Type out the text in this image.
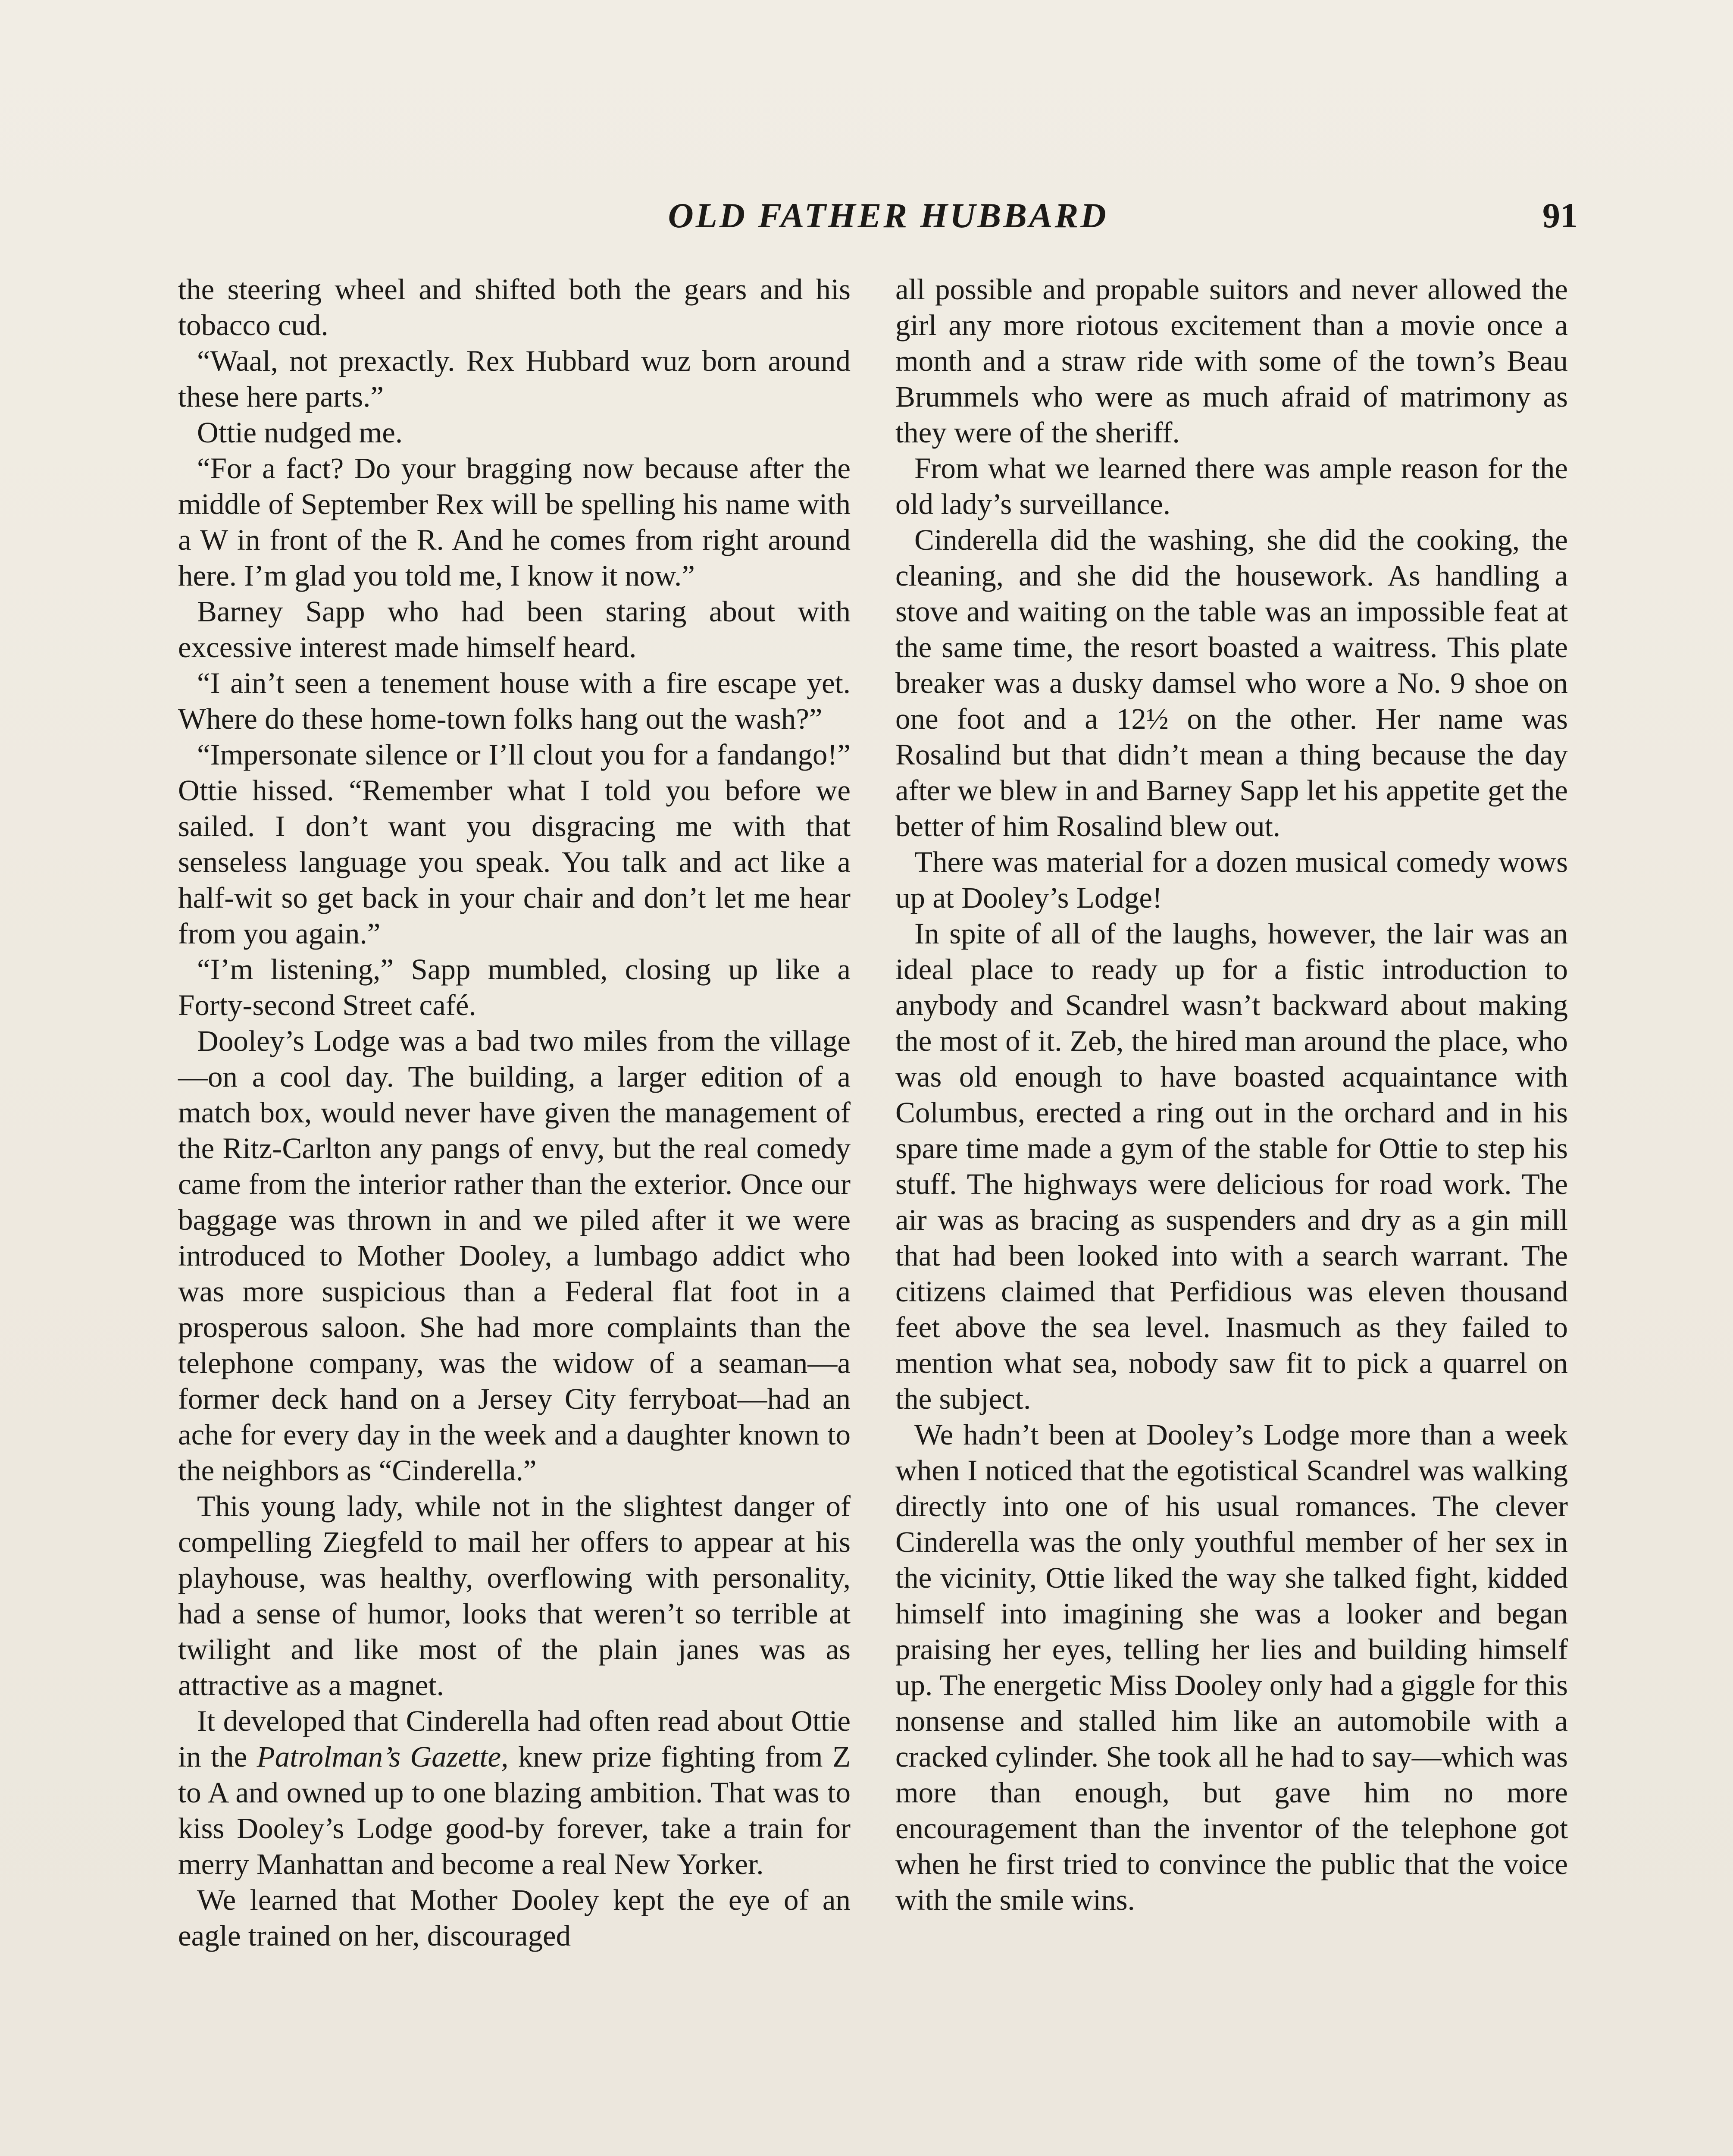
OLD FATHER HUBBARD	91

the steering wheel and shifted both the gears and his tobacco cud.

“Waal, not prexactly. Rex Hubbard wuz born around these here parts.”

Ottie nudged me.

“For a fact? Do your bragging now because after the middle of September Rex will be spelling his name with a W in front of the R. And he comes from right around here. I’m glad you told me, I know it now.”

Barney Sapp who had been staring about with excessive interest made himself heard.

“I ain’t seen a tenement house with a fire escape yet. Where do these home-town folks hang out the wash?”

“Impersonate silence or I’ll clout you for a fandango!” Ottie hissed. “Remember what I told you before we sailed. I don’t want you disgracing me with that senseless language you speak. You talk and act like a half-wit so get back in your chair and don’t let me hear from you again.”

“I’m listening,” Sapp mumbled, closing up like a Forty-second Street café.

Dooley’s Lodge was a bad two miles from the village—on a cool day. The building, a larger edition of a match box, would never have given the management of the Ritz-Carlton any pangs of envy, but the real comedy came from the interior rather than the exterior. Once our baggage was thrown in and we piled after it we were introduced to Mother Dooley, a lumbago addict who was more suspicious than a Federal flat foot in a prosperous saloon. She had more complaints than the telephone company, was the widow of a seaman—a former deck hand on a Jersey City ferryboat—had an ache for every day in the week and a daughter known to the neighbors as “Cinderella.”

This young lady, while not in the slightest danger of compelling Ziegfeld to mail her offers to appear at his playhouse, was healthy, overflowing with personality, had a sense of humor, looks that weren’t so terrible at twilight and like most of the plain janes was as attractive as a magnet.

It developed that Cinderella had often read about Ottie in the Patrolman’s Gazette, knew prize fighting from Z to A and owned up to one blazing ambition. That was to kiss Dooley’s Lodge good-by forever, take a train for merry Manhattan and become a real New Yorker.

We learned that Mother Dooley kept the eye of an eagle trained on her, discouraged

all possible and propable suitors and never allowed the girl any more riotous excitement than a movie once a month and a straw ride with some of the town’s Beau Brummels who were as much afraid of matrimony as they were of the sheriff.

From what we learned there was ample reason for the old lady’s surveillance.

Cinderella did the washing, she did the cooking, the cleaning, and she did the housework. As handling a stove and waiting on the table was an impossible feat at the same time, the resort boasted a waitress. This plate breaker was a dusky damsel who wore a No. 9 shoe on one foot and a 12½ on the other. Her name was Rosalind but that didn’t mean a thing because the day after we blew in and Barney Sapp let his appetite get the better of him Rosalind blew out.

There was material for a dozen musical comedy wows up at Dooley’s Lodge!

In spite of all of the laughs, however, the lair was an ideal place to ready up for a fistic introduction to anybody and Scandrel wasn’t backward about making the most of it. Zeb, the hired man around the place, who was old enough to have boasted acquaintance with Columbus, erected a ring out in the orchard and in his spare time made a gym of the stable for Ottie to step his stuff. The highways were delicious for road work. The air was as bracing as suspenders and dry as a gin mill that had been looked into with a search warrant. The citizens claimed that Perfidious was eleven thousand feet above the sea level. Inasmuch as they failed to mention what sea, nobody saw fit to pick a quarrel on the subject.

We hadn’t been at Dooley’s Lodge more than a week when I noticed that the egotistical Scandrel was walking directly into one of his usual romances. The clever Cinderella was the only youthful member of her sex in the vicinity, Ottie liked the way she talked fight, kidded himself into imagining she was a looker and began praising her eyes, telling her lies and building himself up. The energetic Miss Dooley only had a giggle for this nonsense and stalled him like an automobile with a cracked cylinder. She took all he had to say—which was more than enough, but gave him no more encouragement than the inventor of the telephone got when he first tried to convince the public that the voice with the smile wins.
